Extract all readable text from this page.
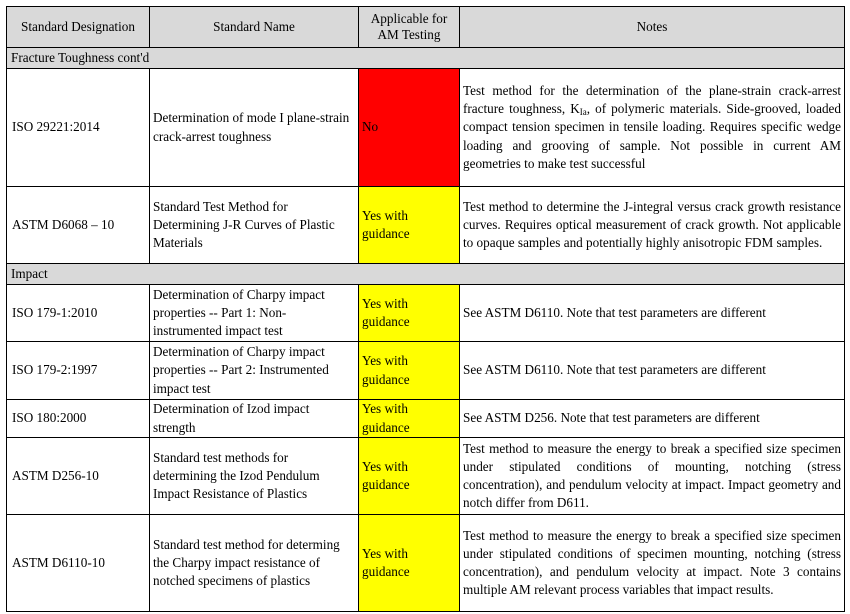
Standard Designation	Standard Name	Applicable for AM Testing	Notes
Fracture Toughness cont'd			
ISO 29221:2014	Determination of mode I plane-strain crack-arrest toughness	No	Test method for the determination of the plane-strain crack-arrest fracture toughness, $K_{Ia}$, of polymeric materials. Side-grooved, loaded compact tension specimen in tensile loading. Requires specific wedge loading and grooving of sample. Not possible in current AM geometries to make test successful
ASTM D6068 – 10	Standard Test Method for Determining J-R Curves of Plastic Materials	Yes with guidance	Test method to determine the J-integral versus crack growth resistance curves. Requires optical measurement of crack growth. Not applicable to opaque samples and potentially highly anisotropic FDM samples.
Impact			
ISO 179-1:2010	Determination of Charpy impact properties -- Part 1: Non-instrumented impact test	Yes with guidance	See ASTM D6110. Note that test parameters are different
ISO 179-2:1997	Determination of Charpy impact properties -- Part 2: Instrumented impact test	Yes with guidance	See ASTM D6110. Note that test parameters are different
ISO 180:2000	Determination of Izod impact strength	Yes with guidance	See ASTM D256. Note that test parameters are different
ASTM D256-10	Standard test methods for determining the Izod Pendulum Impact Resistance of Plastics	Yes with guidance	Test method to measure the energy to break a specified size specimen under stipulated conditions of mounting, notching (stress concentration), and pendulum velocity at impact. Impact geometry and notch differ from D611.
ASTM D6110-10	Standard test method for determing the Charpy impact resistance of notched specimens of plastics	Yes with guidance	Test method to measure the energy to break a specified size specimen under stipulated conditions of specimen mounting, notching (stress concentration), and pendulum velocity at impact. Note 3 contains multiple AM relevant process variables that impact results.
